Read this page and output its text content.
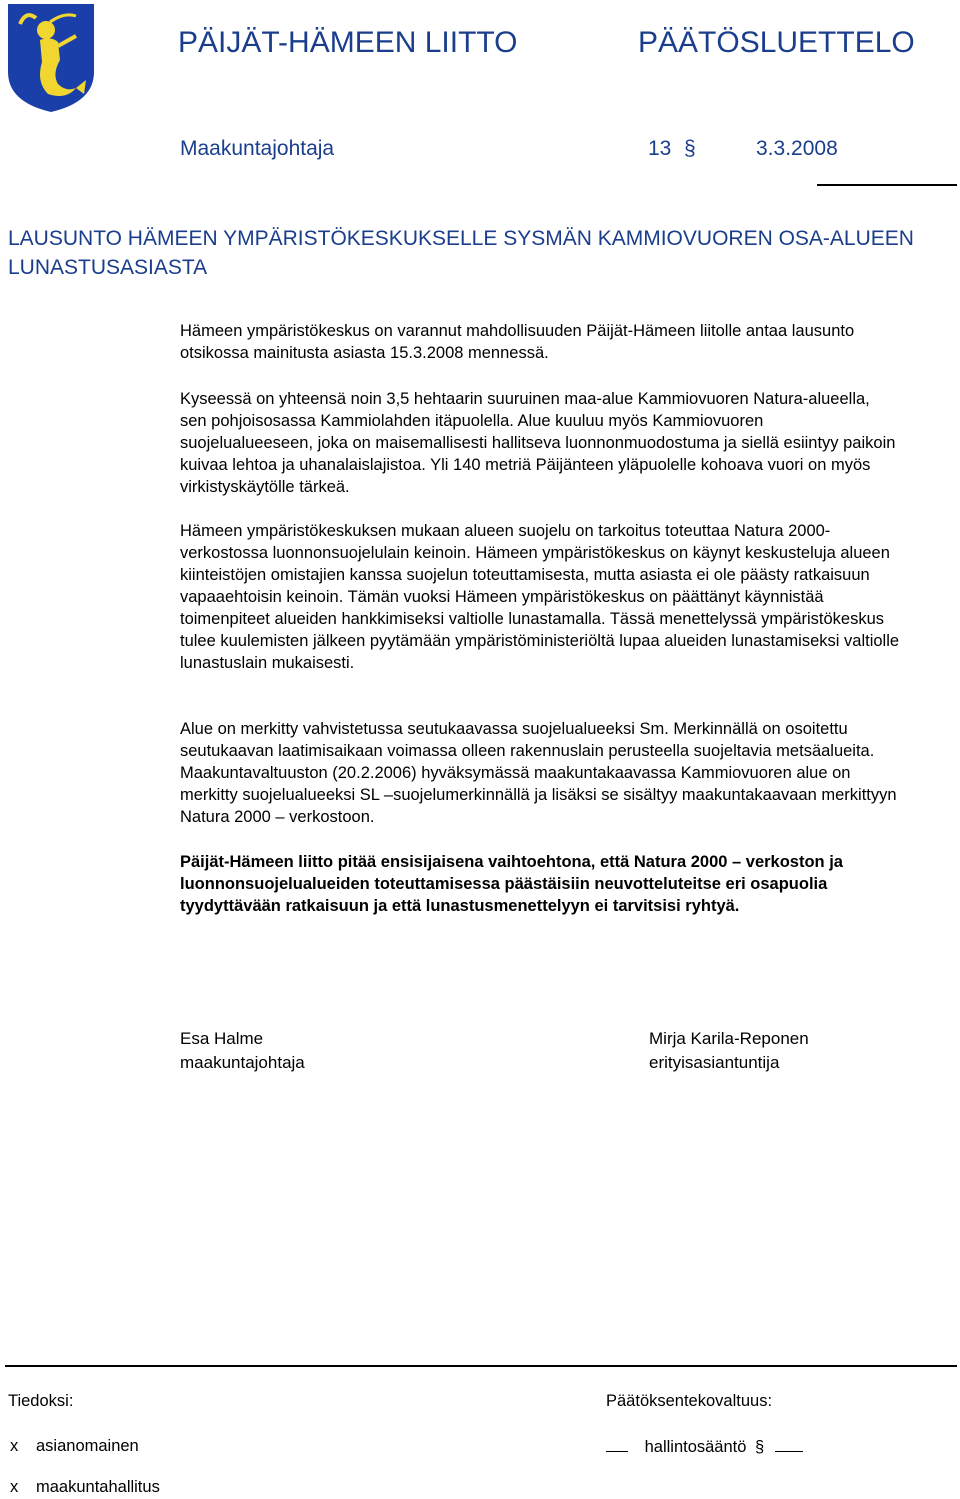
PÄIJÄT-HÄMEEN LIITTO	PÄÄTÖSLUETTELO
Maakuntajohtaja	13 §	3.3.2008
LAUSUNTO HÄMEEN YMPÄRISTÖKESKUKSELLE SYSMÄN KAMMIOVUOREN OSA-ALUEEN LUNASTUSASIASTA

Hämeen ympäristökeskus on varannut mahdollisuuden Päijät-Hämeen liitolle antaa lausunto otsikossa mainitusta asiasta 15.3.2008 mennessä.

Kyseessä on yhteensä noin 3,5 hehtaarin suuruinen maa-alue Kammiovuoren Natura-alueella, sen pohjoisosassa Kammiolahden itäpuolella. Alue kuuluu myös Kammiovuoren suojelualueeseen, joka on maisemallisesti hallitseva luonnonmuodostuma ja siellä esiintyy paikoin kuivaa lehtoa ja uhanalaislajistoa. Yli 140 metriä Päijänteen yläpuolelle kohoava vuori on myös virkistyskäytölle tärkeä.

Hämeen ympäristökeskuksen mukaan alueen suojelu on tarkoitus toteuttaa Natura 2000-verkostossa luonnonsuojelulain keinoin. Hämeen ympäristökeskus on käynyt keskusteluja alueen kiinteistöjen omistajien kanssa suojelun toteuttamisesta, mutta asiasta ei ole päästy ratkaisuun vapaaehtoisin keinoin. Tämän vuoksi Hämeen ympäristökeskus on päättänyt käynnistää toimenpiteet alueiden hankkimiseksi valtiolle lunastamalla. Tässä menettelyssä ympäristökeskus tulee kuulemisten jälkeen pyytämään ympäristöministeriöltä lupaa alueiden lunastamiseksi valtiolle lunastuslain mukaisesti.

Alue on merkitty vahvistetussa seutukaavassa suojelualueeksi Sm. Merkinnällä on osoitettu seutukaavan laatimisaikaan voimassa olleen rakennuslain perusteella suojeltavia metsäalueita. Maakuntavaltuuston (20.2.2006) hyväksymässä maakuntakaavassa Kammiovuoren alue on merkitty suojelualueeksi SL –suojelumerkinnällä ja lisäksi se sisältyy maakuntakaavaan merkittyyn Natura 2000 – verkostoon.

Päijät-Hämeen liitto pitää ensisijaisena vaihtoehtona, että Natura 2000 – verkoston ja luonnonsuojelualueiden toteuttamisessa päästäisiin neuvotteluteitse eri osapuolia tyydyttävään ratkaisuun ja että lunastusmenettelyyn ei tarvitsisi ryhtyä.

Esa Halme
maakuntajohtaja
Mirja Karila-Reponen
erityisasiantuntija
Tiedoksi:	Päätöksentekovaltuus:
x asianomainen	hallintosääntö §
x maakuntahallitus
